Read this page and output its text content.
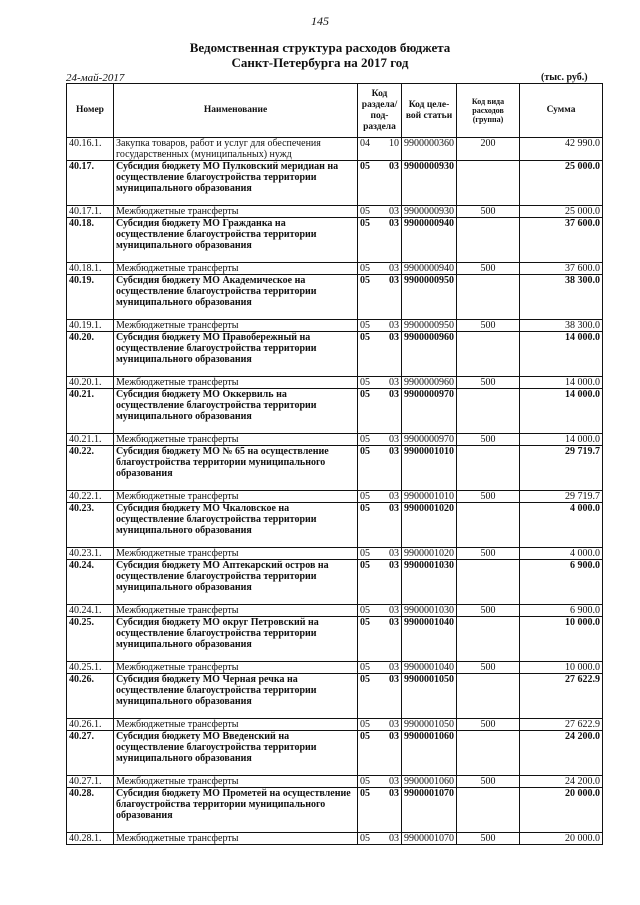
145
Ведомственная структура расходов бюджета
Санкт-Петербурга на 2017 год
24-май-2017	(тыс. руб.)
Номер	Наименование	Код раздела/ под- раздела		Код целе- вой статьи	Код вида расходов (группа)	Сумма
40.16.1.	Закупка товаров, работ и услуг для обеспечения государственных (муниципальных) нужд	04	10	9900000360	200	42 990.0
40.17.	Субсидия бюджету МО Пулковский меридиан на осуществление благоустройства территории муниципального образования	05	03	9900000930		25 000.0
40.17.1.	Межбюджетные трансферты	05	03	9900000930	500	25 000.0
40.18.	Субсидия бюджету МО Гражданка на осуществление благоустройства территории муниципального образования	05	03	9900000940		37 600.0
40.18.1.	Межбюджетные трансферты	05	03	9900000940	500	37 600.0
40.19.	Субсидия бюджету МО Академическое на осуществление благоустройства территории муниципального образования	05	03	9900000950		38 300.0
40.19.1.	Межбюджетные трансферты	05	03	9900000950	500	38 300.0
40.20.	Субсидия бюджету МО Правобережный на осуществление благоустройства территории муниципального образования	05	03	9900000960		14 000.0
40.20.1.	Межбюджетные трансферты	05	03	9900000960	500	14 000.0
40.21.	Субсидия бюджету МО Оккервиль на осуществление благоустройства территории муниципального образования	05	03	9900000970		14 000.0
40.21.1.	Межбюджетные трансферты	05	03	9900000970	500	14 000.0
40.22.	Субсидия бюджету МО № 65 на осуществление благоустройства территории муниципального образования	05	03	9900001010		29 719.7
40.22.1.	Межбюджетные трансферты	05	03	9900001010	500	29 719.7
40.23.	Субсидия бюджету МО Чкаловское на осуществление благоустройства территории муниципального образования	05	03	9900001020		4 000.0
40.23.1.	Межбюджетные трансферты	05	03	9900001020	500	4 000.0
40.24.	Субсидия бюджету МО Аптекарский остров на осуществление благоустройства территории муниципального образования	05	03	9900001030		6 900.0
40.24.1.	Межбюджетные трансферты	05	03	9900001030	500	6 900.0
40.25.	Субсидия бюджету МО округ Петровский на осуществление благоустройства территории муниципального образования	05	03	9900001040		10 000.0
40.25.1.	Межбюджетные трансферты	05	03	9900001040	500	10 000.0
40.26.	Субсидия бюджету МО Черная речка на осуществление благоустройства территории муниципального образования	05	03	9900001050		27 622.9
40.26.1.	Межбюджетные трансферты	05	03	9900001050	500	27 622.9
40.27.	Субсидия бюджету МО Введенский на осуществление благоустройства территории муниципального образования	05	03	9900001060		24 200.0
40.27.1.	Межбюджетные трансферты	05	03	9900001060	500	24 200.0
40.28.	Субсидия бюджету МО Прометей на осуществление благоустройства территории муниципального образования	05	03	9900001070		20 000.0
40.28.1.	Межбюджетные трансферты	05	03	9900001070	500	20 000.0
